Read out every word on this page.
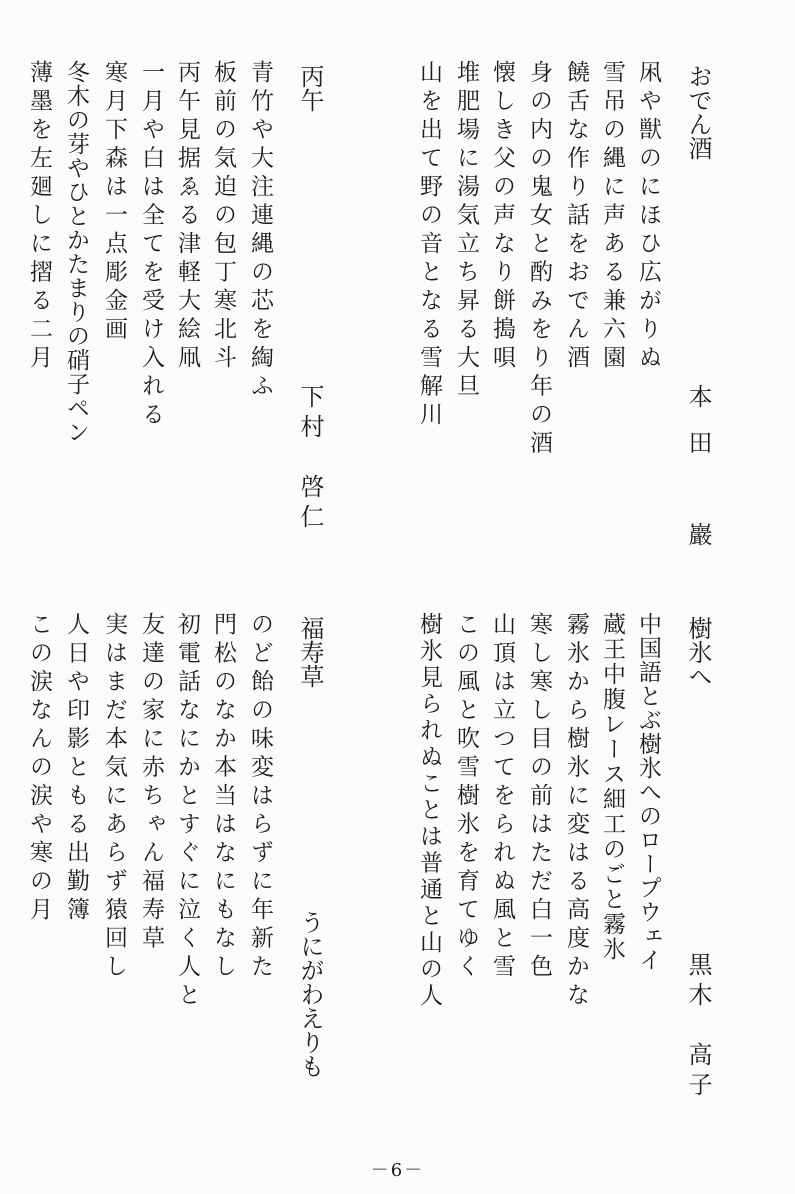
おでん酒
本田　巖
凩や獣のにほひ広がりぬ
雪吊の縄に声ある兼六園
饒舌な作り話をおでん酒
身の内の鬼女と酌みをり年の酒
懐しき父の声なり餅搗唄
堆肥場に湯気立ち昇る大旦
山を出て野の音となる雪解川
丙午
下村　啓仁
青竹や大注連縄の芯を綯ふ
板前の気迫の包丁寒北斗
丙午見据ゑる津軽大絵凧
一月や白は全てを受け入れる
寒月下森は一点彫金画
冬木の芽やひとかたまりの硝子ペン
薄墨を左廻しに摺る二月
樹氷へ
黒木　高子
中国語とぶ樹氷へのロープウェイ
蔵王中腹レース細工のごと霧氷
霧氷から樹氷に変はる高度かな
寒し寒し目の前はただ白一色
山頂は立つてをられぬ風と雪
この風と吹雪樹氷を育てゆく
樹氷見られぬことは普通と山の人
福寿草
うにがわえりも
のど飴の味変はらずに年新た
門松のなか本当はなにもなし
初電話なにかとすぐに泣く人と
友達の家に赤ちゃん福寿草
実はまだ本気にあらず猿回し
人日や印影ともる出勤簿
この涙なんの涙や寒の月
－6－
